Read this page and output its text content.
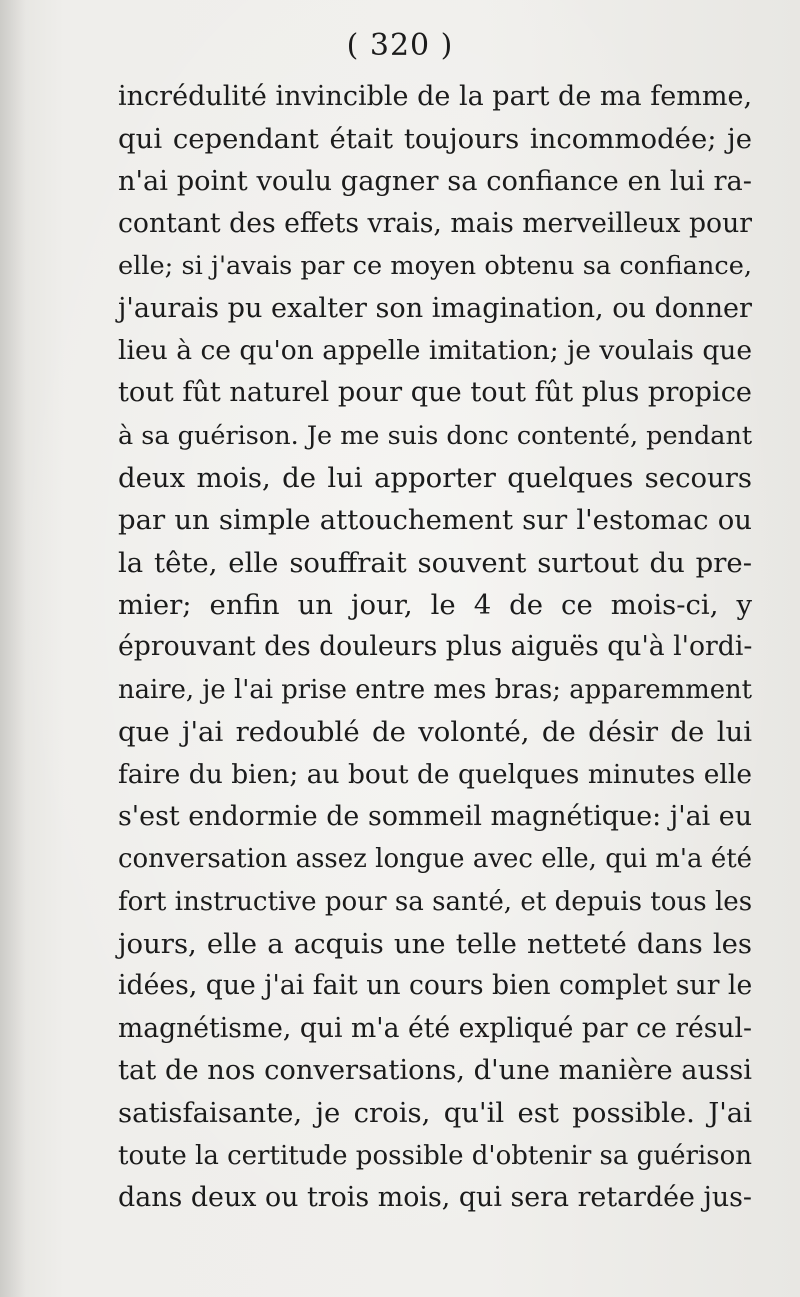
( 320 )
incrédulité invincible de la part de ma femme,
qui cependant était toujours incommodée; je
n'ai point voulu gagner sa confiance en lui ra-
contant des effets vrais, mais merveilleux pour
elle; si j'avais par ce moyen obtenu sa confiance,
j'aurais pu exalter son imagination, ou donner
lieu à ce qu'on appelle imitation; je voulais que
tout fût naturel pour que tout fût plus propice
à sa guérison. Je me suis donc contenté, pendant
deux mois, de lui apporter quelques secours
par un simple attouchement sur l'estomac ou
la tête, elle souffrait souvent surtout du pre-
mier; enfin un jour, le 4 de ce mois-ci, y
éprouvant des douleurs plus aiguës qu'à l'ordi-
naire, je l'ai prise entre mes bras; apparemment
que j'ai redoublé de volonté, de désir de lui
faire du bien; au bout de quelques minutes elle
s'est endormie de sommeil magnétique: j'ai eu
conversation assez longue avec elle, qui m'a été
fort instructive pour sa santé, et depuis tous les
jours, elle a acquis une telle netteté dans les
idées, que j'ai fait un cours bien complet sur le
magnétisme, qui m'a été expliqué par ce résul-
tat de nos conversations, d'une manière aussi
satisfaisante, je crois, qu'il est possible. J'ai
toute la certitude possible d'obtenir sa guérison
dans deux ou trois mois, qui sera retardée jus-
